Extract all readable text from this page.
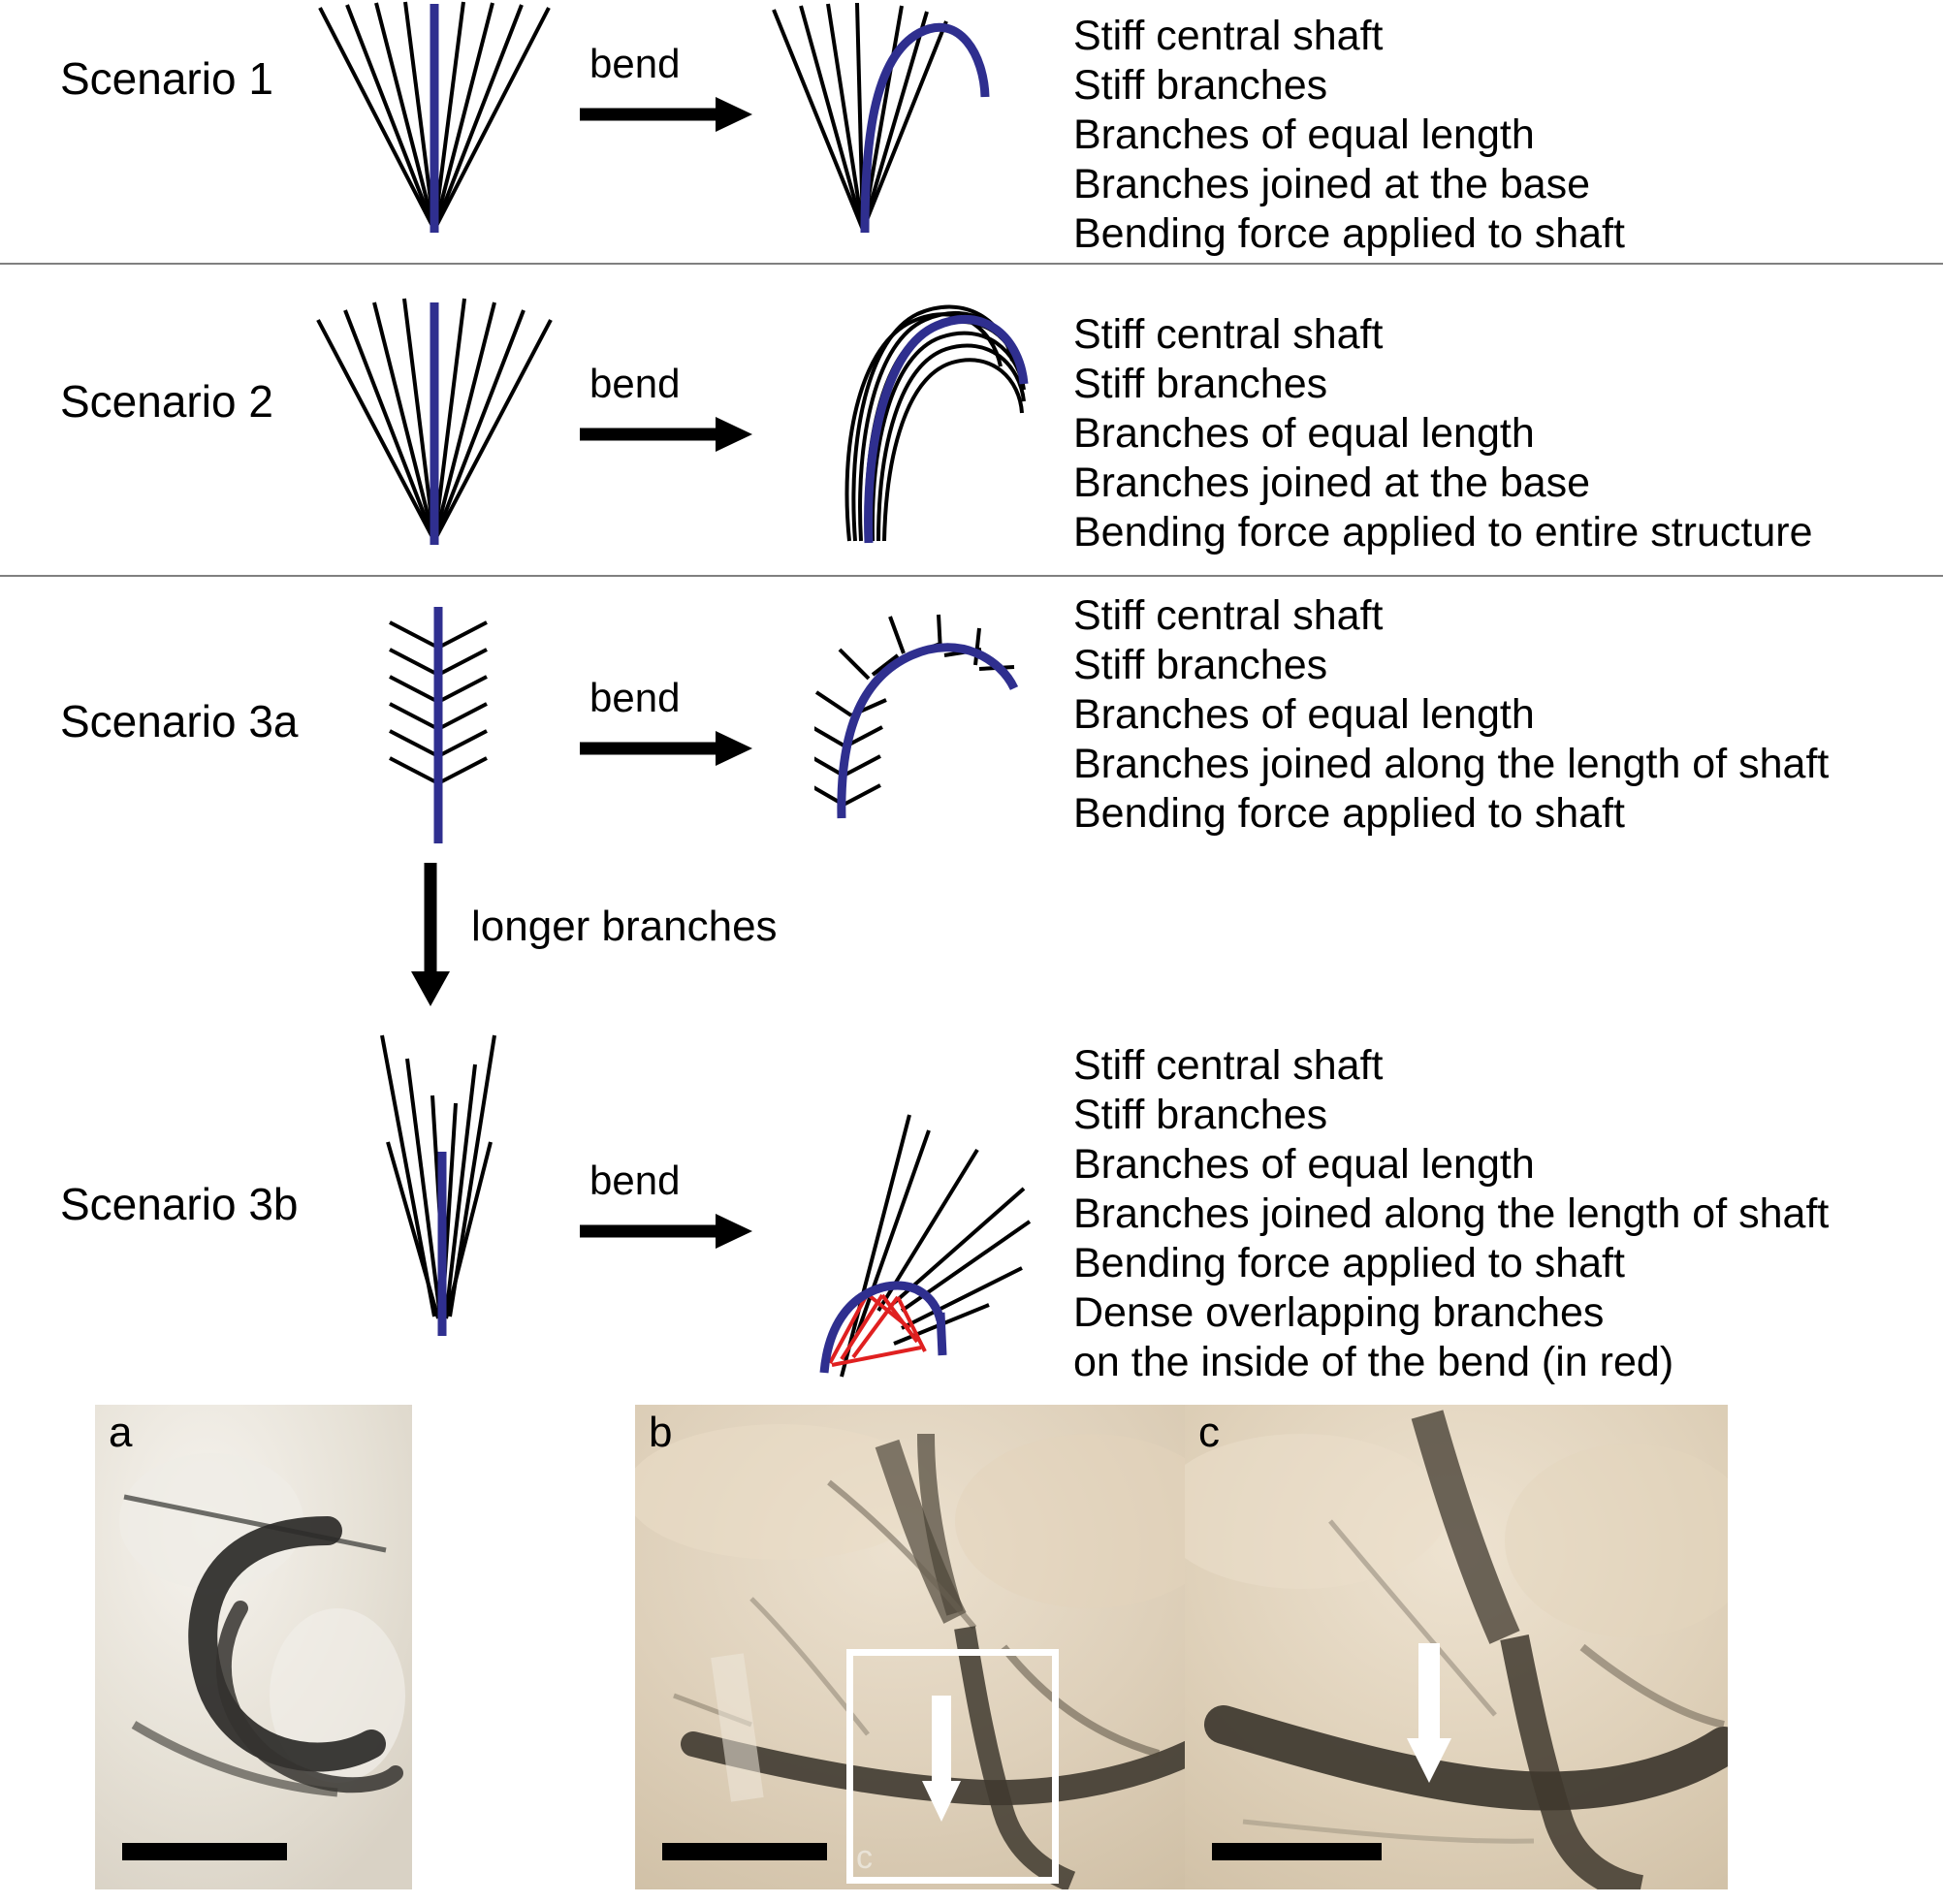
Scenario 1	bend
Stiff central shaft
Stiff branches
Branches of equal length
Branches joined at the base
Bending force applied to shaft
Scenario 2	bend
Stiff central shaft
Stiff branches
Branches of equal length
Branches joined at the base
Bending force applied to entire structure
Scenario 3a	bend
Stiff central shaft
Stiff branches
Branches of equal length
Branches joined along the length of shaft
Bending force applied to shaft
longer branches
Scenario 3b	bend
Stiff central shaft
Stiff branches
Branches of equal length
Branches joined along the length of shaft
Bending force applied to shaft
Dense overlapping branches
on the inside of the bend (in red)
a	b
c
c
